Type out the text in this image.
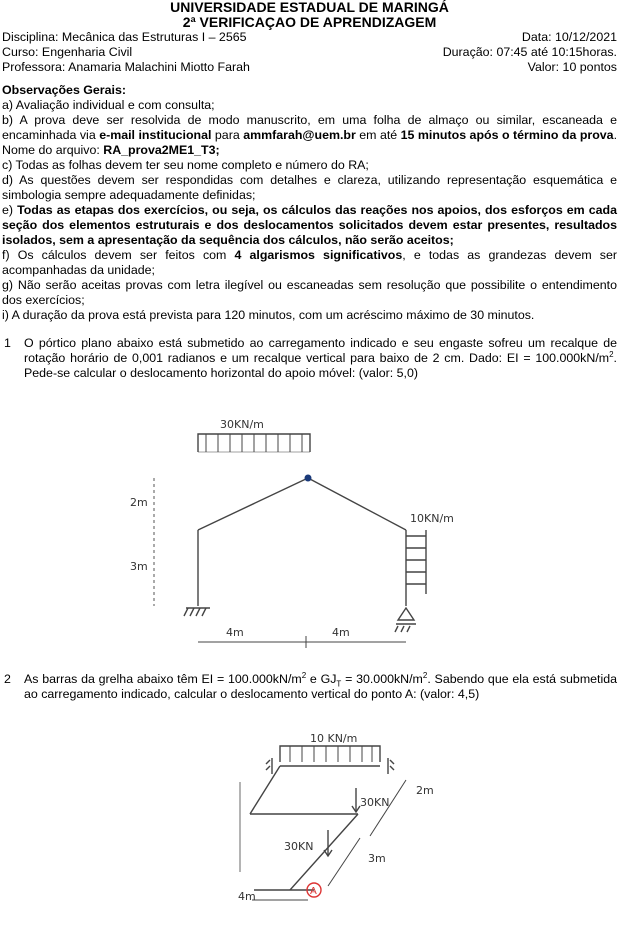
UNIVERSIDADE ESTADUAL DE MARINGÁ
2ª VERIFICAÇAO DE APRENDIZAGEM
Disciplina: Mecânica das Estruturas I – 2565	Data: 10/12/2021
Curso: Engenharia Civil	Duração: 07:45 até 10:15horas.
Professora: Anamaria Malachini Miotto Farah	Valor: 10 pontos

Observações Gerais:

a) Avaliação individual e com consulta;

b) A prova deve ser resolvida de modo manuscrito, em uma folha de almaço ou similar, escaneada e encaminhada via e-mail institucional para ammfarah@uem.br em até 15 minutos após o término da prova. Nome do arquivo: RA_prova2ME1_T3;

c) Todas as folhas devem ter seu nome completo e número do RA;

d) As questões devem ser respondidas com detalhes e clareza, utilizando representação esquemática e simbologia sempre adequadamente definidas;

e) Todas as etapas dos exercícios, ou seja, os cálculos das reações nos apoios, dos esforços em cada seção dos elementos estruturais e dos deslocamentos solicitados devem estar presentes, resultados isolados, sem a apresentação da sequência dos cálculos, não serão aceitos;

f) Os cálculos devem ser feitos com 4 algarismos significativos, e todas as grandezas devem ser acompanhadas da unidade;

g) Não serão aceitas provas com letra ilegível ou escaneadas sem resolução que possibilite o entendimento dos exercícios;

i) A duração da prova está prevista para 120 minutos, com um acréscimo máximo de 30 minutos.

1	O pórtico plano abaixo está submetido ao carregamento indicado e seu engaste sofreu um recalque de rotação horário de 0,001 radianos e um recalque vertical para baixo de 2 cm. Dado: EI = $100.000kN/m^2$. Pede-se calcular o deslocamento horizontal do apoio móvel: (valor: 5,0)
30KN/m
10KN/m
2m
3m
4m	4m
2	As barras da grelha abaixo têm EI = $100.000kN/m^2$ e $GJ_T = 30.000kN/m^2$. Sabendo que ela está submetida ao carregamento indicado, calcular o deslocamento vertical do ponto A: (valor: 4,5)
A
10 KN/m
30KN
30KN
2m
3m
4m
